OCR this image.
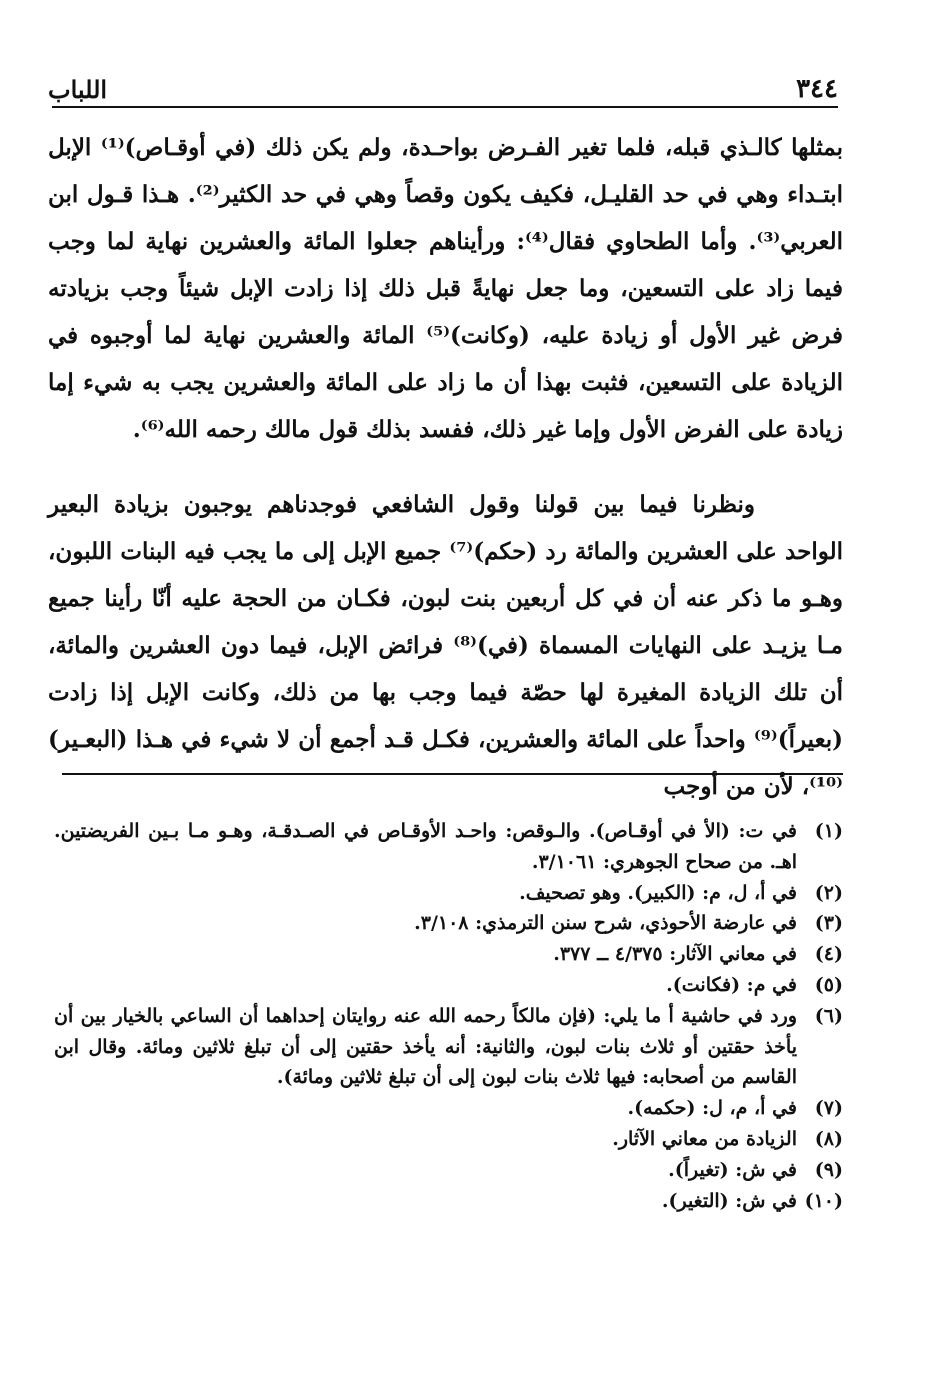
٣٤٤
اللباب

بمثلها كالـذي قبله، فلما تغير الفـرض بواحـدة، ولم يكن ذلك (في أوقـاص)⁽¹⁾ الإبل ابتـداء وهي في حد القليـل، فكيف يكون وقصاً وهي في حد الكثير⁽²⁾. هـذا قـول ابن العربي⁽³⁾. وأما الطحاوي فقال⁽⁴⁾: ورأيناهم جعلوا المائة والعشرين نهاية لما وجب فيما زاد على التسعين، وما جعل نهايةً قبل ذلك إذا زادت الإبل شيئاً وجب بزيادته فرض غير الأول أو زيادة عليه، (وكانت)⁽⁵⁾ المائة والعشرين نهاية لما أوجبوه في الزيادة على التسعين، فثبت بهذا أن ما زاد على المائة والعشرين يجب به شيء إما زيادة على الفرض الأول وإما غير ذلك، ففسد بذلك قول مالك رحمه الله⁽⁶⁾.

ونظرنا فيما بين قولنا وقول الشافعي فوجدناهم يوجبون بزيادة البعير الواحد على العشرين والمائة رد (حكم)⁽⁷⁾ جميع الإبل إلى ما يجب فيه البنات اللبون، وهـو ما ذكر عنه أن في كل أربعين بنت لبون، فكـان من الحجة عليه أنّا رأينا جميع مـا يزيـد على النهايات المسماة (في)⁽⁸⁾ فرائض الإبل، فيما دون العشرين والمائة، أن تلك الزيادة المغيرة لها حصّة فيما وجب بها من ذلك، وكانت الإبل إذا زادت (بعيراً)⁽⁹⁾ واحداً على المائة والعشرين، فكـل قـد أجمع أن لا شيء في هـذا (البعـير)⁽¹⁰⁾، لأن من أوجب

(١)
في ت: (الأ في أوقـاص). والـوقص: واحـد الأوقـاص في الصـدقـة، وهـو مـا بـين الفريضتين. اهـ. من صحاح الجوهري: ٣/١٠٦١.
(٢)
في أ، ل، م: (الكبير). وهو تصحيف.
(٣)
في عارضة الأحوذي، شرح سنن الترمذي: ٣/١٠٨.
(٤)
في معاني الآثار: ٤/٣٧٥ ــ ٣٧٧.
(٥)
في م: (فكانت).
(٦)
ورد في حاشية أ ما يلي: (فإن مالكاً رحمه الله عنه روايتان إحداهما أن الساعي بالخيار بين أن يأخذ حقتين أو ثلاث بنات لبون، والثانية: أنه يأخذ حقتين إلى أن تبلغ ثلاثين ومائة. وقال ابن القاسم من أصحابه: فيها ثلاث بنات لبون إلى أن تبلغ ثلاثين ومائة).
(٧)
في أ، م، ل: (حكمه).
(٨)
الزيادة من معاني الآثار.
(٩)
في ش: (تغيراً).
(١٠)
في ش: (التغير).
